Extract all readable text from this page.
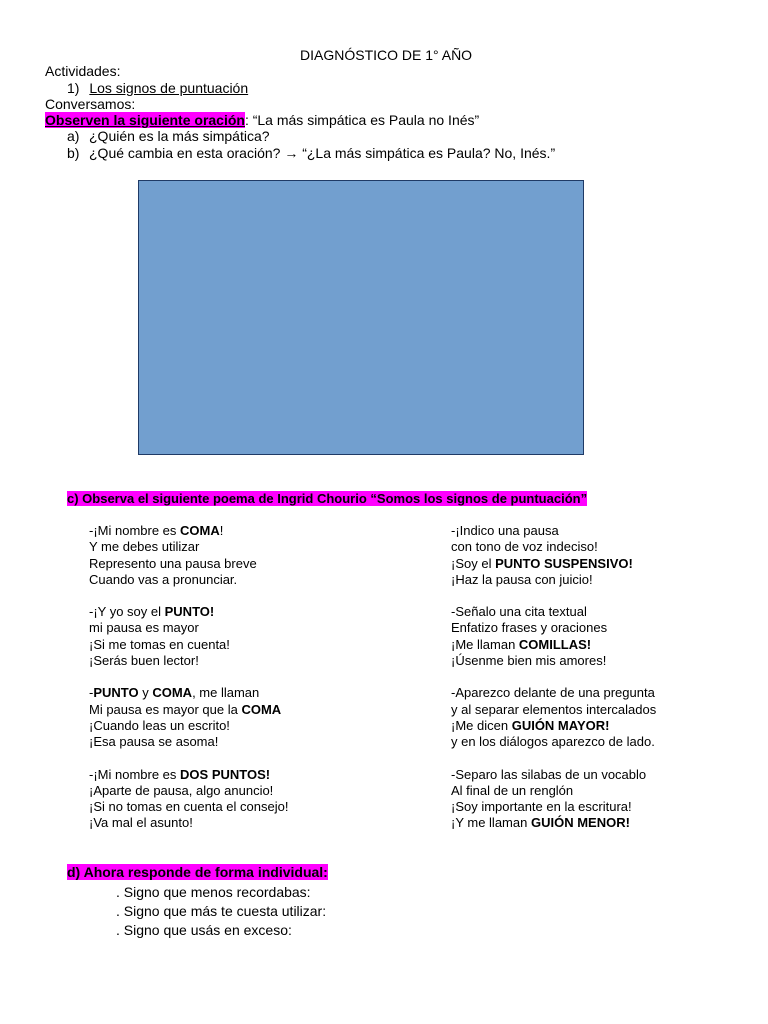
DIAGNÓSTICO DE 1° AÑO
Actividades:
1) Los signos de puntuación
Conversamos:
Observen la siguiente oración: “La más simpática es Paula no Inés”
a) ¿Quién es la más simpática?
b) ¿Qué cambia en esta oración? → “¿La más simpática es Paula? No, Inés.”
c) Observa el siguiente poema de Ingrid Chourio “Somos los signos de puntuación”
-¡Mi nombre es COMA!
Y me debes utilizar
Represento una pausa breve
Cuando vas a pronunciar.
-¡Y yo soy el PUNTO!
mi pausa es mayor
¡Si me tomas en cuenta!
¡Serás buen lector!
-PUNTO y COMA, me llaman
Mi pausa es mayor que la COMA
¡Cuando leas un escrito!
¡Esa pausa se asoma!
-¡Mi nombre es DOS PUNTOS!
¡Aparte de pausa, algo anuncio!
¡Si no tomas en cuenta el consejo!
¡Va mal el asunto!
-¡Indico una pausa
con tono de voz indeciso!
¡Soy el PUNTO SUSPENSIVO!
¡Haz la pausa con juicio!
-Señalo una cita textual
Enfatizo frases y oraciones
¡Me llaman COMILLAS!
¡Úsenme bien mis amores!
-Aparezco delante de una pregunta
y al separar elementos intercalados
¡Me dicen GUIÓN MAYOR!
y en los diálogos aparezco de lado.
-Separo las silabas de un vocablo
Al final de un renglón
¡Soy importante en la escritura!
¡Y me llaman GUIÓN MENOR!
d) Ahora responde de forma individual:
. Signo que menos recordabas:
. Signo que más te cuesta utilizar:
. Signo que usás en exceso:
